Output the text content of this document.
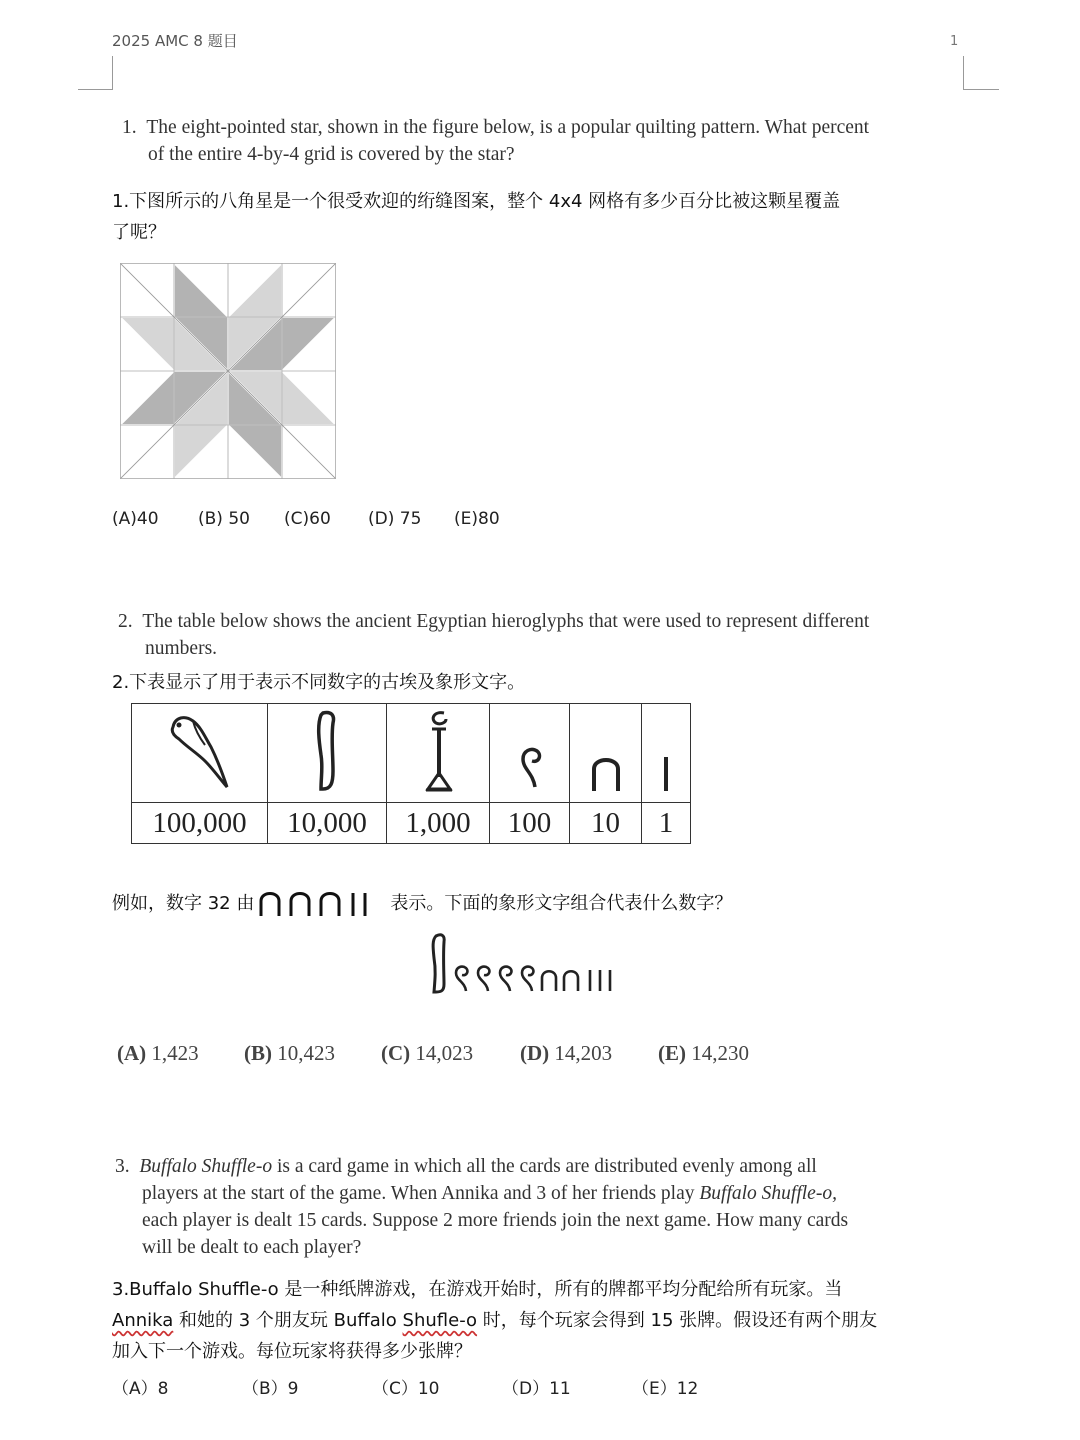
2025 AMC 8 题目	1
1. The eight-pointed star, shown in the figure below, is a popular quilting pattern. What percent
of the entire 4-by-4 grid is covered by the star?
1.下图所示的八角星是一个很受欢迎的绗缝图案，整个 4x4 网格有多少百分比被这颗星覆盖
了呢？
(A)40 (B) 50 (C)60 (D) 75 (E)80
2. The table below shows the ancient Egyptian hieroglyphs that were used to represent different
numbers.
2.下表显示了用于表示不同数字的古埃及象形文字。

100,000	10,000	1,000	100	10	1
例如，数字 32 由	表示。下面的象形文字组合代表什么数字？
(A) 1,423 (B) 10,423 (C) 14,023 (D) 14,203 (E) 14,230
3. Buffalo Shuffle-o is a card game in which all the cards are distributed evenly among all
players at the start of the game. When Annika and 3 of her friends play Buffalo Shuffle-o,
each player is dealt 15 cards. Suppose 2 more friends join the next game. How many cards
will be dealt to each player?
3.Buffalo Shuffle-o 是一种纸牌游戏，在游戏开始时，所有的牌都平均分配给所有玩家。当
Annika 和她的 3 个朋友玩 Buffalo Shufle-o 时，每个玩家会得到 15 张牌。假设还有两个朋友
加入下一个游戏。每位玩家将获得多少张牌？
（A）8	（B）9	（C）10	（D）11	（E）12
